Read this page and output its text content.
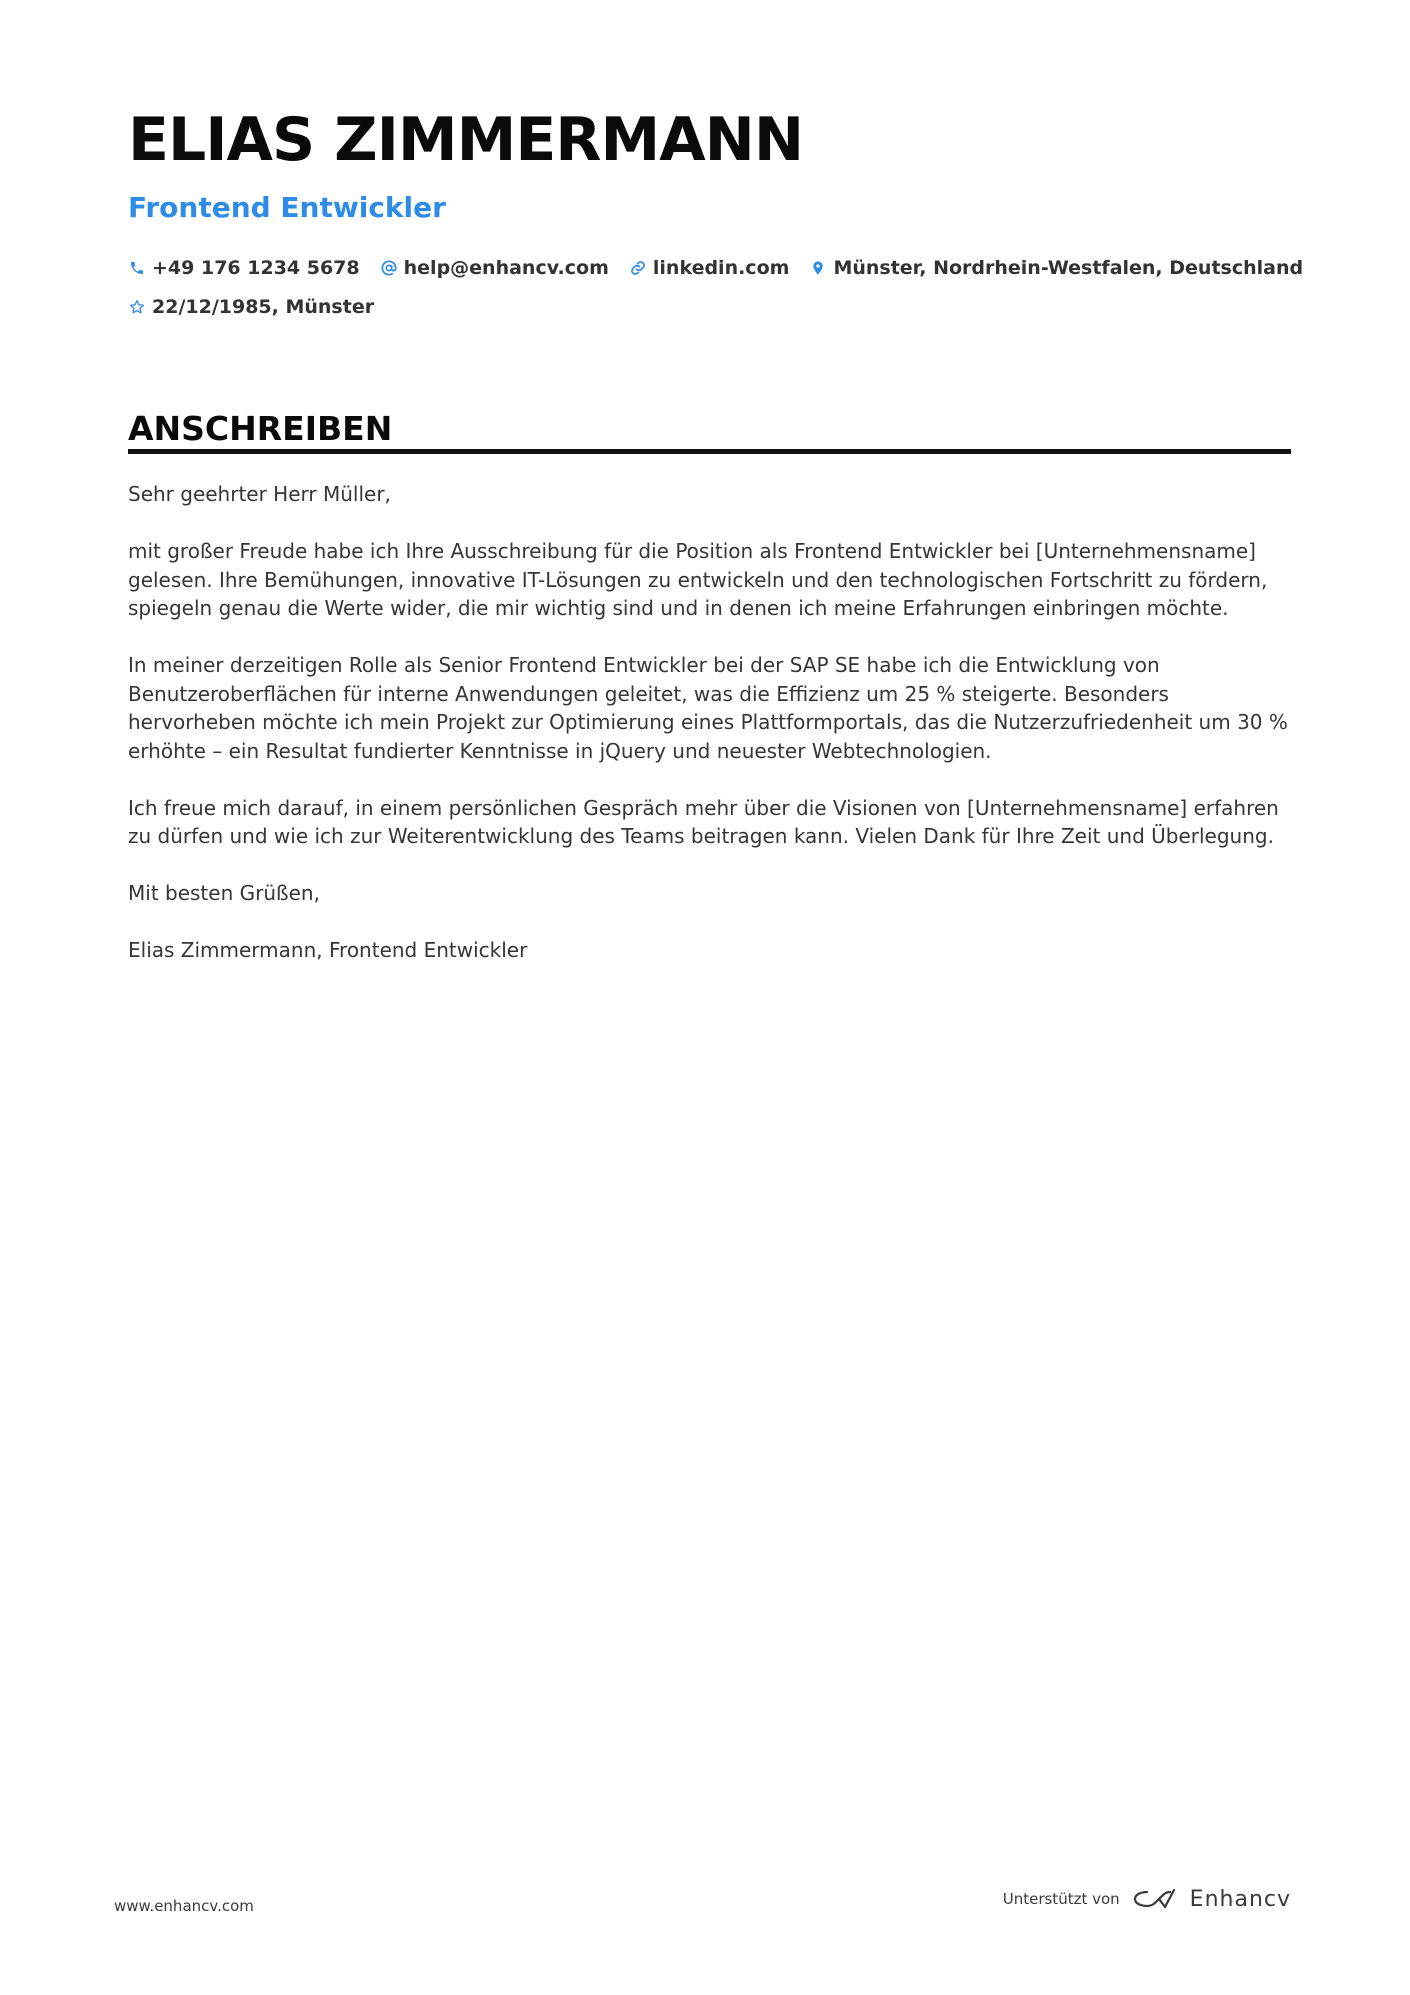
ELIAS ZIMMERMANN
Frontend Entwickler
+49 176 1234 5678 help@enhancv.com linkedin.com Münster, Nordrhein-Westfalen, Deutschland
22/12/1985, Münster
ANSCHREIBEN

Sehr geehrter Herr Müller,

mit großer Freude habe ich Ihre Ausschreibung für die Position als Frontend Entwickler bei [Unternehmensname] gelesen. Ihre Bemühungen, innovative IT-Lösungen zu entwickeln und den technologischen Fortschritt zu fördern, spiegeln genau die Werte wider, die mir wichtig sind und in denen ich meine Erfahrungen einbringen möchte.

In meiner derzeitigen Rolle als Senior Frontend Entwickler bei der SAP SE habe ich die Entwicklung von Benutzeroberflächen für interne Anwendungen geleitet, was die Effizienz um 25 % steigerte. Besonders hervorheben möchte ich mein Projekt zur Optimierung eines Plattformportals, das die Nutzerzufriedenheit um 30 % erhöhte – ein Resultat fundierter Kenntnisse in jQuery und neuester Webtechnologien.

Ich freue mich darauf, in einem persönlichen Gespräch mehr über die Visionen von [Unternehmensname] erfahren zu dürfen und wie ich zur Weiterentwicklung des Teams beitragen kann. Vielen Dank für Ihre Zeit und Überlegung.

Mit besten Grüßen,

Elias Zimmermann, Frontend Entwickler

www.enhancv.com	Unterstützt von	Enhancv
